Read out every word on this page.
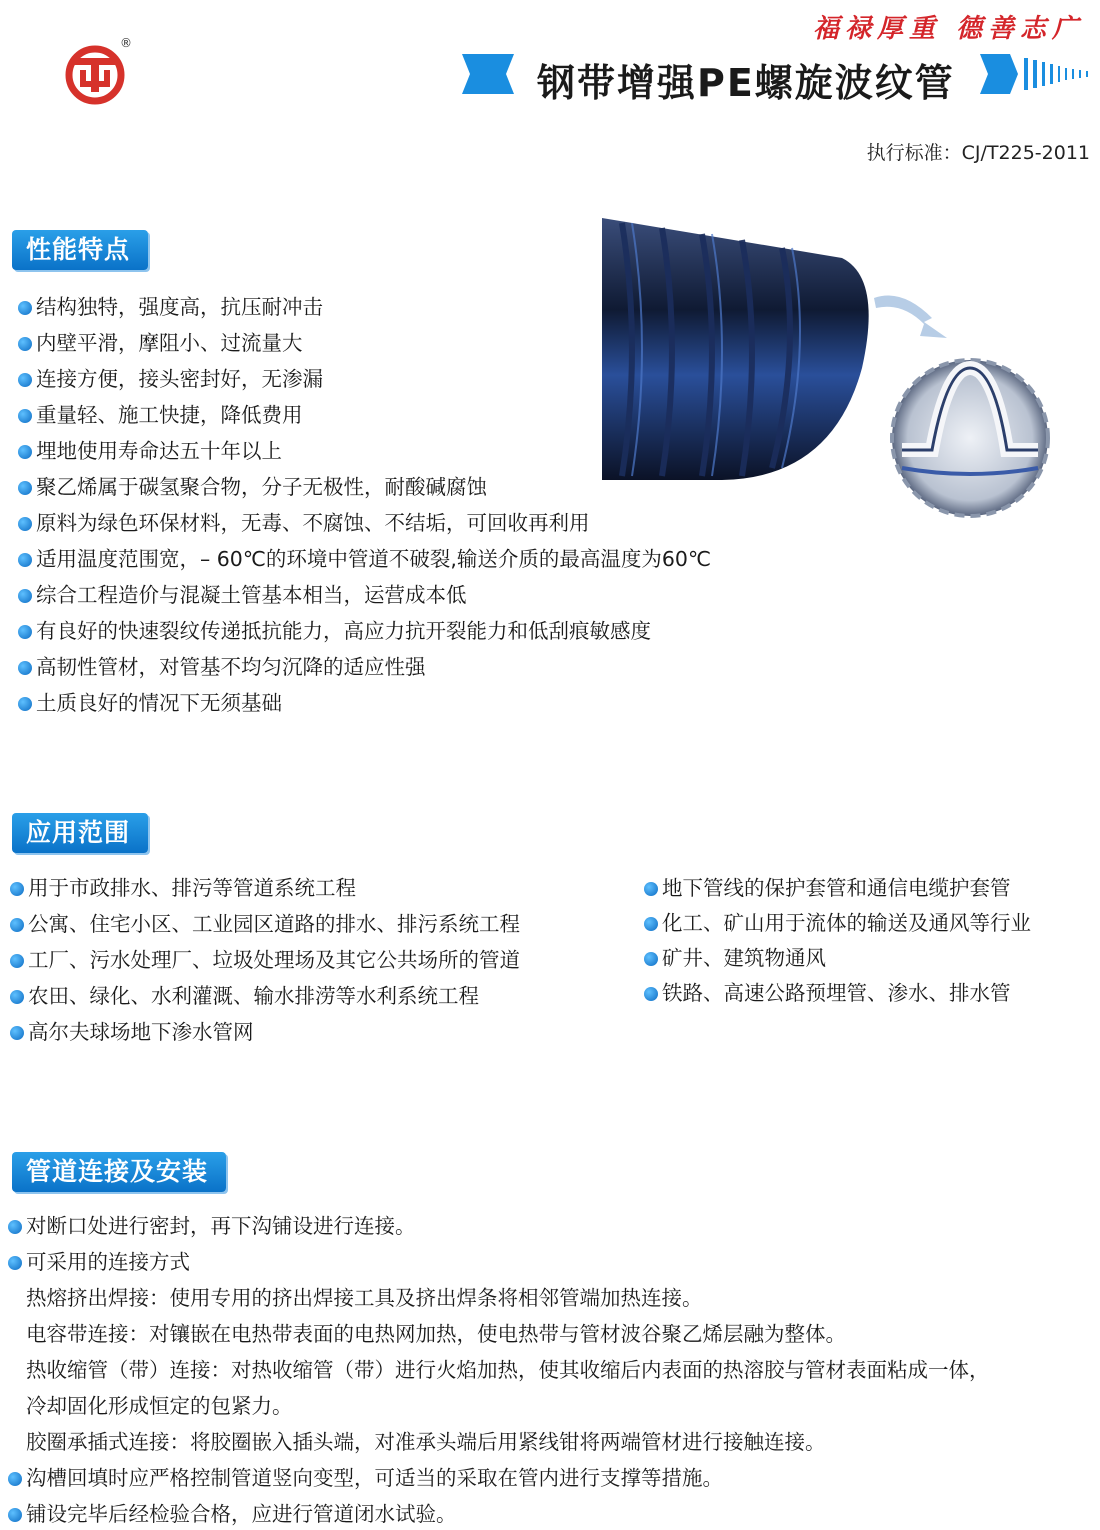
®	福禄厚重 德善志广
钢带增强PE螺旋波纹管
执行标准：CJ/T225-2011
性能特点
结构独特，强度高，抗压耐冲击
内壁平滑，摩阻小、过流量大
连接方便，接头密封好，无渗漏
重量轻、施工快捷，降低费用
埋地使用寿命达五十年以上
聚乙烯属于碳氢聚合物，分子无极性，耐酸碱腐蚀
原料为绿色环保材料，无毒、不腐蚀、不结垢，可回收再利用
适用温度范围宽，– 60℃的环境中管道不破裂,输送介质的最高温度为60℃
综合工程造价与混凝土管基本相当，运营成本低
有良好的快速裂纹传递抵抗能力，高应力抗开裂能力和低刮痕敏感度
高韧性管材，对管基不均匀沉降的适应性强
土质良好的情况下无须基础
应用范围
用于市政排水、排污等管道系统工程
公寓、住宅小区、工业园区道路的排水、排污系统工程
工厂、污水处理厂、垃圾处理场及其它公共场所的管道
农田、绿化、水利灌溉、输水排涝等水利系统工程
高尔夫球场地下渗水管网
地下管线的保护套管和通信电缆护套管
化工、矿山用于流体的输送及通风等行业
矿井、建筑物通风
铁路、高速公路预埋管、渗水、排水管
管道连接及安装
对断口处进行密封，再下沟铺设进行连接。
可采用的连接方式
热熔挤出焊接：使用专用的挤出焊接工具及挤出焊条将相邻管端加热连接。
电容带连接：对镶嵌在电热带表面的电热网加热，使电热带与管材波谷聚乙烯层融为整体。
热收缩管（带）连接：对热收缩管（带）进行火焰加热，使其收缩后内表面的热溶胶与管材表面粘成一体，
冷却固化形成恒定的包紧力。
胶圈承插式连接：将胶圈嵌入插头端，对准承头端后用紧线钳将两端管材进行接触连接。
沟槽回填时应严格控制管道竖向变型，可适当的采取在管内进行支撑等措施。
铺设完毕后经检验合格，应进行管道闭水试验。
